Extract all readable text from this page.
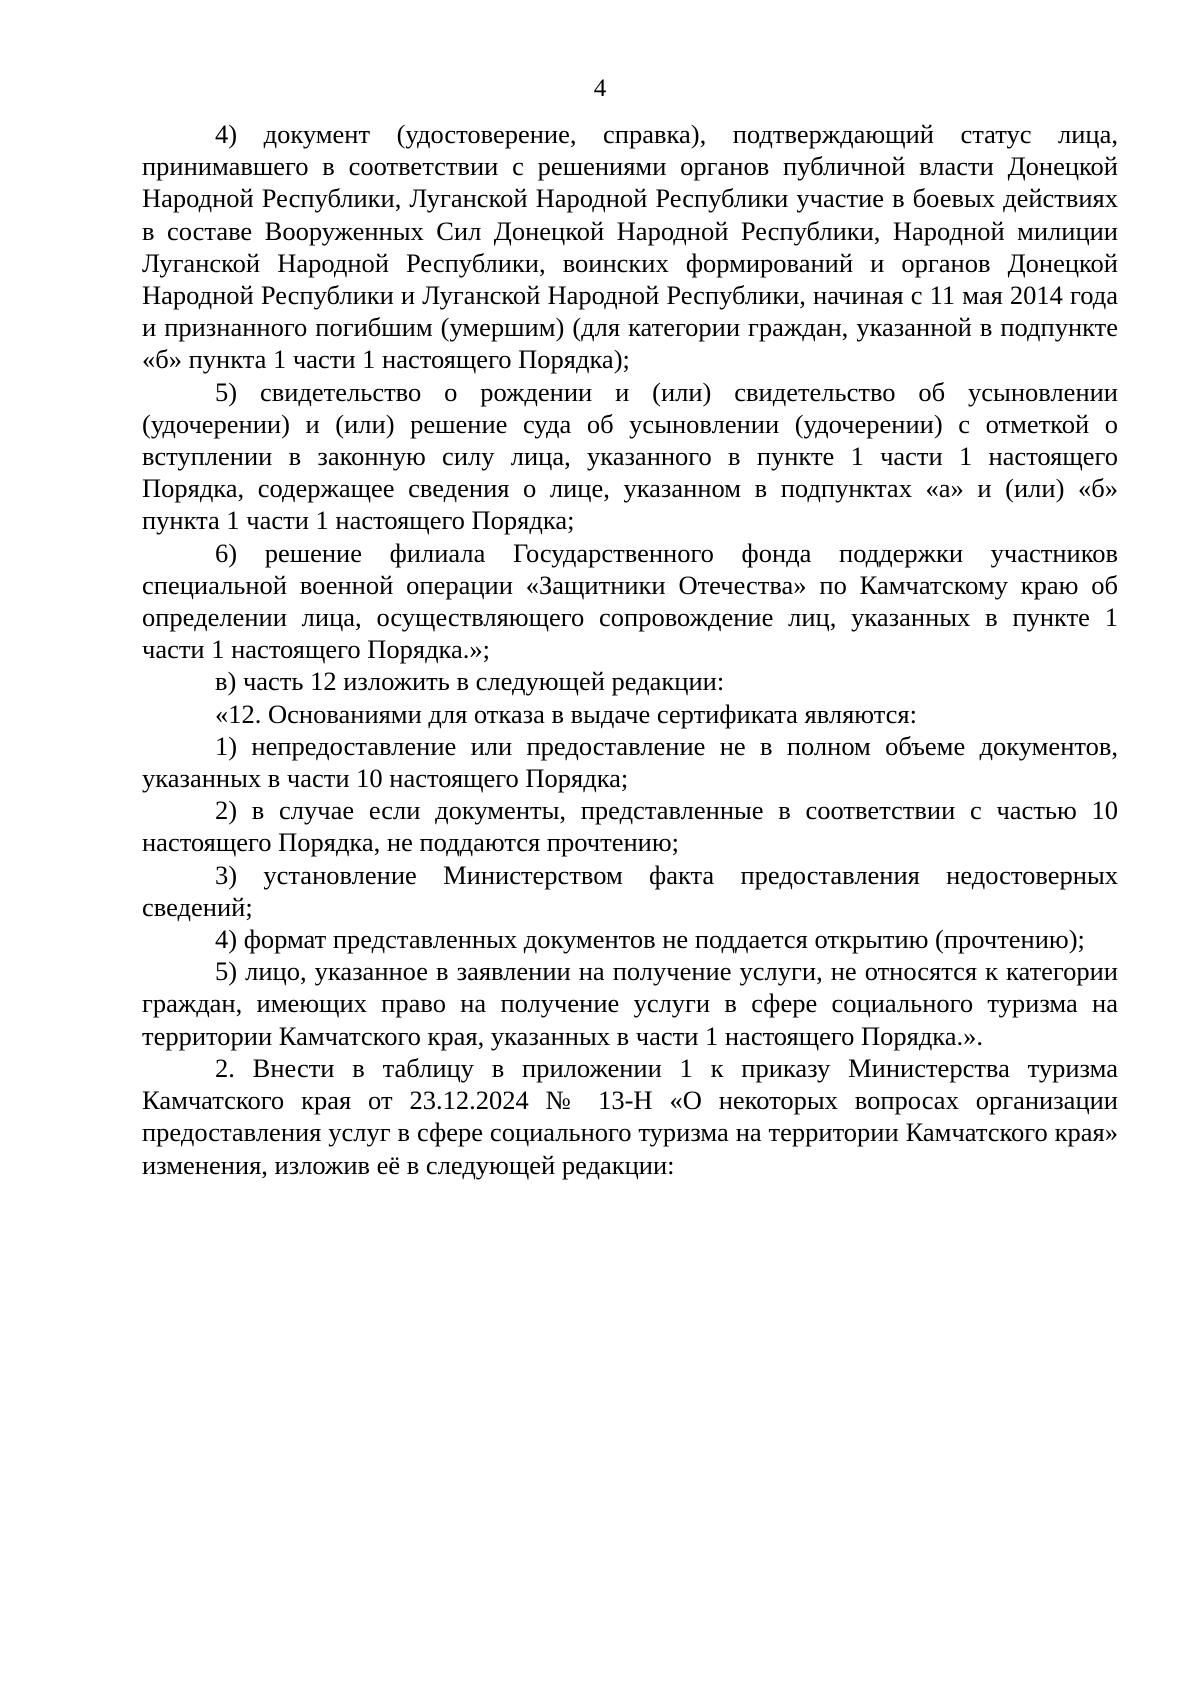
4

4) документ (удостоверение, справка), подтверждающий статус лица, принимавшего в соответствии с решениями органов публичной власти Донецкой Народной Республики, Луганской Народной Республики участие в боевых действиях в составе Вооруженных Сил Донецкой Народной Республики, Народной милиции Луганской Народной Республики, воинских формирований и органов Донецкой Народной Республики и Луганской Народной Республики, начиная с 11 мая 2014 года и признанного погибшим (умершим) (для категории граждан, указанной в подпункте «б» пункта 1 части 1 настоящего Порядка);

5) свидетельство о рождении и (или) свидетельство об усыновлении (удочерении) и (или) решение суда об усыновлении (удочерении) с отметкой о вступлении в законную силу лица, указанного в пункте 1 части 1 настоящего Порядка, содержащее сведения о лице, указанном в подпунктах «а» и (или) «б» пункта 1 части 1 настоящего Порядка;

6) решение филиала Государственного фонда поддержки участников специальной военной операции «Защитники Отечества» по Камчатскому краю об определении лица, осуществляющего сопровождение лиц, указанных в пункте 1 части 1 настоящего Порядка.»;

в) часть 12 изложить в следующей редакции:

«12. Основаниями для отказа в выдаче сертификата являются:

1) непредоставление или предоставление не в полном объеме документов, указанных в части 10 настоящего Порядка;

2) в случае если документы, представленные в соответствии с частью 10 настоящего Порядка, не поддаются прочтению;

3) установление Министерством факта предоставления недостоверных сведений;

4) формат представленных документов не поддается открытию (прочтению);

5) лицо, указанное в заявлении на получение услуги, не относятся к категории граждан, имеющих право на получение услуги в сфере социального туризма на территории Камчатского края, указанных в части 1 настоящего Порядка.».

2. Внести в таблицу в приложении 1 к приказу Министерства туризма Камчатского края от 23.12.2024 № 13-Н «О некоторых вопросах организации предоставления услуг в сфере социального туризма на территории Камчатского края» изменения, изложив её в следующей редакции:
